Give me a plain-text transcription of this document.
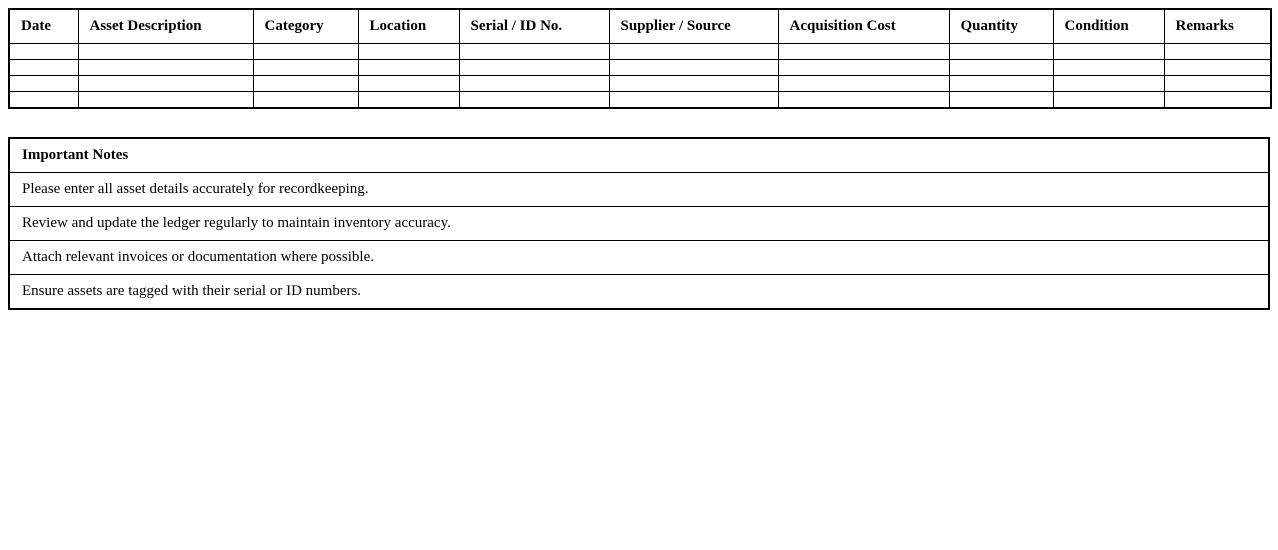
Date	Asset Description	Category	Location	Serial / ID No.	Supplier / Source	Acquisition Cost	Quantity	Condition	Remarks

Important Notes
Please enter all asset details accurately for recordkeeping.
Review and update the ledger regularly to maintain inventory accuracy.
Attach relevant invoices or documentation where possible.
Ensure assets are tagged with their serial or ID numbers.
